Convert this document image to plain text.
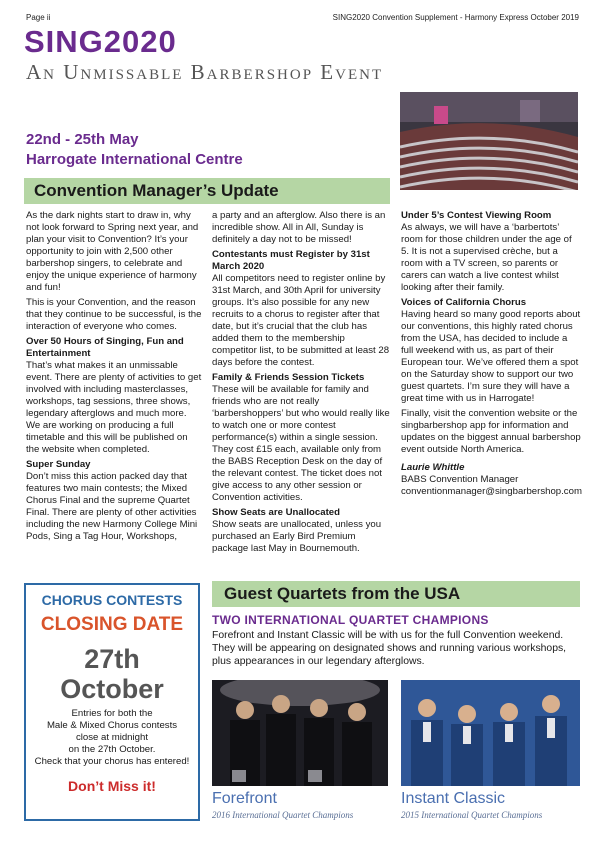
Page ii	SING2020 Convention Supplement - Harmony Express October 2019
SING2020
An Unmissable Barbershop Event
22nd - 25th May
Harrogate International Centre
Convention Manager’s Update

As the dark nights start to draw in, why not look forward to Spring next year, and plan your visit to Convention? It’s your opportunity to join with 2,500 other barbershop singers, to celebrate and enjoy the unique experience of harmony and fun!

This is your Convention, and the reason that they continue to be successful, is the interaction of everyone who comes.

Over 50 Hours of Singing, Fun and Entertainment

That’s what makes it an unmissable event. There are plenty of activities to get involved with including masterclasses, workshops, tag sessions, three shows, legendary afterglows and much more. We are working on producing a full timetable and this will be published on the website when completed.

Super Sunday

Don’t miss this action packed day that features two main contests; the Mixed Chorus Final and the supreme Quartet Final. There are plenty of other activities including the new Harmony College Mini Pods, Sing a Tag Hour, Workshops,

a party and an afterglow. Also there is an incredible show. All in All, Sunday is definitely a day not to be missed!

Contestants must Register by 31st March 2020

All competitors need to register online by 31st March, and 30th April for university groups. It’s also possible for any new recruits to a chorus to register after that date, but it’s crucial that the club has added them to the membership competitor list, to be submitted at least 28 days before the contest.

Family & Friends Session Tickets

These will be available for family and friends who are not really ‘barbershoppers’ but who would really like to watch one or more contest performance(s) within a single session. They cost £15 each, available only from the BABS Reception Desk on the day of the relevant contest. The ticket does not give access to any other session or Convention activities.

Show Seats are Unallocated

Show seats are unallocated, unless you purchased an Early Bird Premium package last May in Bournemouth.

Under 5’s Contest Viewing Room

As always, we will have a ‘barbertots’ room for those children under the age of 5. It is not a supervised crèche, but a room with a TV screen, so parents or carers can watch a live contest whilst looking after their family.

Voices of California Chorus

Having heard so many good reports about our conventions, this highly rated chorus from the USA, has decided to include a full weekend with us, as part of their European tour. We’ve offered them a spot on the Saturday show to support our two guest quartets. I’m sure they will have a great time with us in Harrogate!

Finally, visit the convention website or the singbarbershop app for information and updates on the biggest annual barbershop event outside North America.

Laurie Whittle
BABS Convention Manager
conventionmanager@singbarbershop.com
CHORUS CONTESTS
CLOSING DATE
27th
October
Entries for both the
Male & Mixed Chorus contests
close at midnight
on the 27th October.
Check that your chorus has entered!
Don’t Miss it!
Guest Quartets from the USA
TWO INTERNATIONAL QUARTET CHAMPIONS
Forefront and Instant Classic will be with us for the full Convention weekend. They will be appearing on designated shows and running various workshops, plus appearances in our legendary afterglows.
Forefront
2016 International Quartet Champions
Instant Classic
2015 International Quartet Champions
